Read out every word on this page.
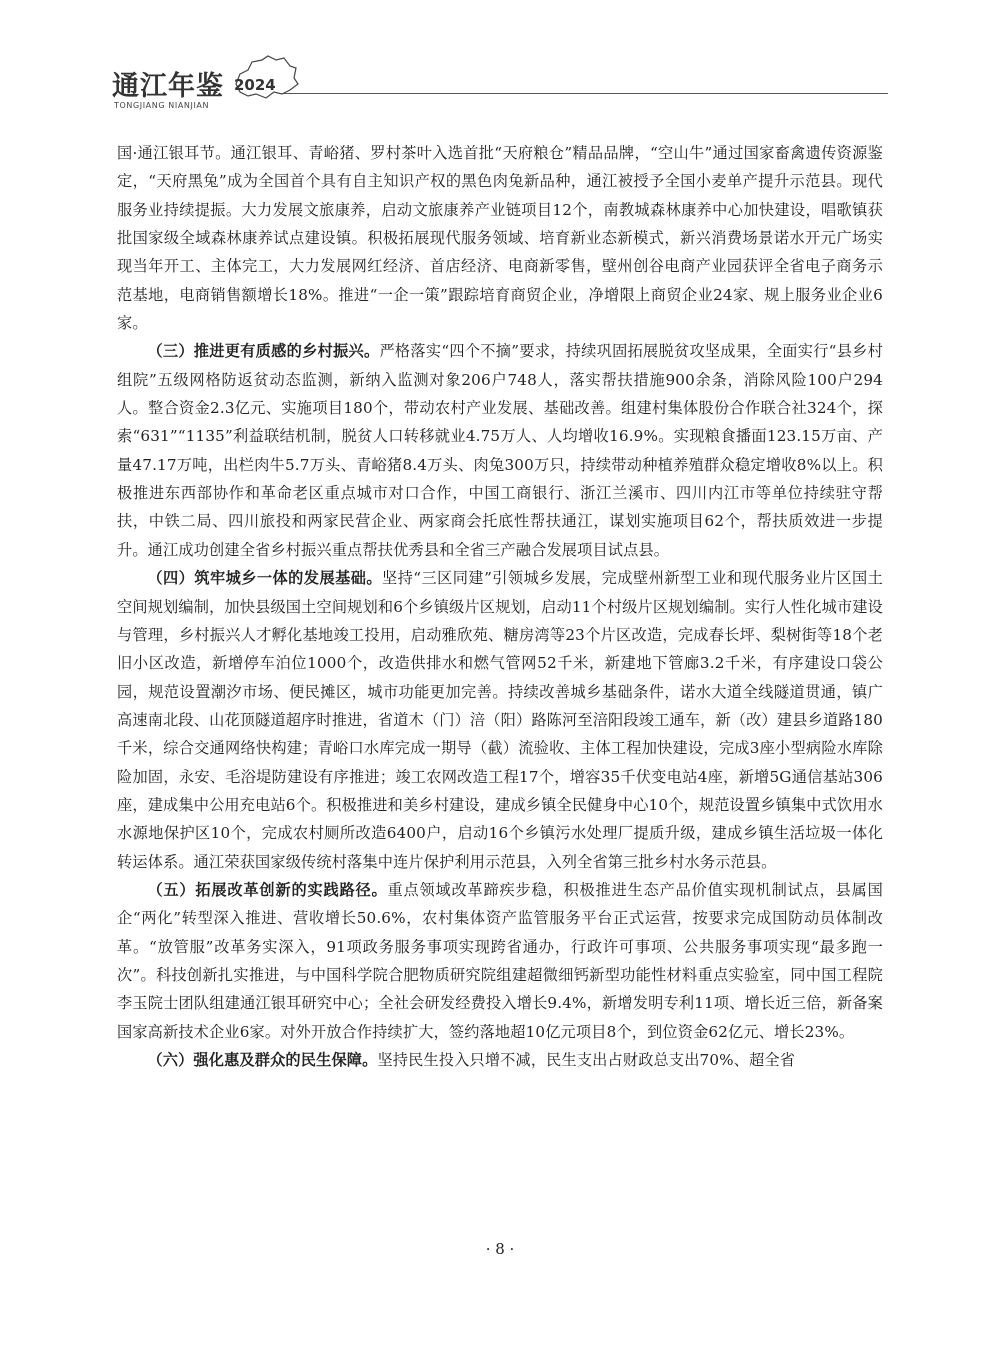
通江年鉴 2024
TONGJIANG NIANJIAN

国·通江银耳节。通江银耳、青峪猪、罗村茶叶入选首批“天府粮仓”精品品牌，“空山牛”通过国家畜禽遗传资源鉴定，“天府黑兔”成为全国首个具有自主知识产权的黑色肉兔新品种，通江被授予全国小麦单产提升示范县。现代服务业持续提振。大力发展文旅康养，启动文旅康养产业链项目12个，南教城森林康养中心加快建设，唱歌镇获批国家级全域森林康养试点建设镇。积极拓展现代服务领域、培育新业态新模式，新兴消费场景诺水开元广场实现当年开工、主体完工，大力发展网红经济、首店经济、电商新零售，壁州创谷电商产业园获评全省电子商务示范基地，电商销售额增长18%。推进“一企一策”跟踪培育商贸企业，净增限上商贸企业24家、规上服务业企业6家。

（三）推进更有质感的乡村振兴。严格落实“四个不摘”要求，持续巩固拓展脱贫攻坚成果，全面实行“县乡村组院”五级网格防返贫动态监测，新纳入监测对象206户748人，落实帮扶措施900余条，消除风险100户294人。整合资金2.3亿元、实施项目180个，带动农村产业发展、基础改善。组建村集体股份合作联合社324个，探索“631”“1135”利益联结机制，脱贫人口转移就业4.75万人、人均增收16.9%。实现粮食播面123.15万亩、产量47.17万吨，出栏肉牛5.7万头、青峪猪8.4万头、肉兔300万只，持续带动种植养殖群众稳定增收8%以上。积极推进东西部协作和革命老区重点城市对口合作，中国工商银行、浙江兰溪市、四川内江市等单位持续驻守帮扶，中铁二局、四川旅投和两家民营企业、两家商会托底性帮扶通江，谋划实施项目62个，帮扶质效进一步提升。通江成功创建全省乡村振兴重点帮扶优秀县和全省三产融合发展项目试点县。

（四）筑牢城乡一体的发展基础。坚持“三区同建”引领城乡发展，完成壁州新型工业和现代服务业片区国土空间规划编制，加快县级国土空间规划和6个乡镇级片区规划，启动11个村级片区规划编制。实行人性化城市建设与管理，乡村振兴人才孵化基地竣工投用，启动雅欣苑、糖房湾等23个片区改造，完成春长坪、梨树街等18个老旧小区改造，新增停车泊位1000个，改造供排水和燃气管网52千米，新建地下管廊3.2千米，有序建设口袋公园，规范设置潮汐市场、便民摊区，城市功能更加完善。持续改善城乡基础条件，诺水大道全线隧道贯通，镇广高速南北段、山花顶隧道超序时推进，省道木（门）涪（阳）路陈河至涪阳段竣工通车，新（改）建县乡道路180千米，综合交通网络快构建；青峪口水库完成一期导（截）流验收、主体工程加快建设，完成3座小型病险水库除险加固，永安、毛浴堤防建设有序推进；竣工农网改造工程17个，增容35千伏变电站4座，新增5G通信基站306座，建成集中公用充电站6个。积极推进和美乡村建设，建成乡镇全民健身中心10个，规范设置乡镇集中式饮用水水源地保护区10个，完成农村厕所改造6400户，启动16个乡镇污水处理厂提质升级，建成乡镇生活垃圾一体化转运体系。通江荣获国家级传统村落集中连片保护利用示范县，入列全省第三批乡村水务示范县。

（五）拓展改革创新的实践路径。重点领域改革蹄疾步稳，积极推进生态产品价值实现机制试点，县属国企“两化”转型深入推进、营收增长50.6%，农村集体资产监管服务平台正式运营，按要求完成国防动员体制改革。“放管服”改革务实深入，91项政务服务事项实现跨省通办，行政许可事项、公共服务事项实现“最多跑一次”。科技创新扎实推进，与中国科学院合肥物质研究院组建超微细钙新型功能性材料重点实验室，同中国工程院李玉院士团队组建通江银耳研究中心；全社会研发经费投入增长9.4%，新增发明专利11项、增长近三倍，新备案国家高新技术企业6家。对外开放合作持续扩大，签约落地超10亿元项目8个，到位资金62亿元、增长23%。

（六）强化惠及群众的民生保障。坚持民生投入只增不减，民生支出占财政总支出70%、超全省

· 8 ·
